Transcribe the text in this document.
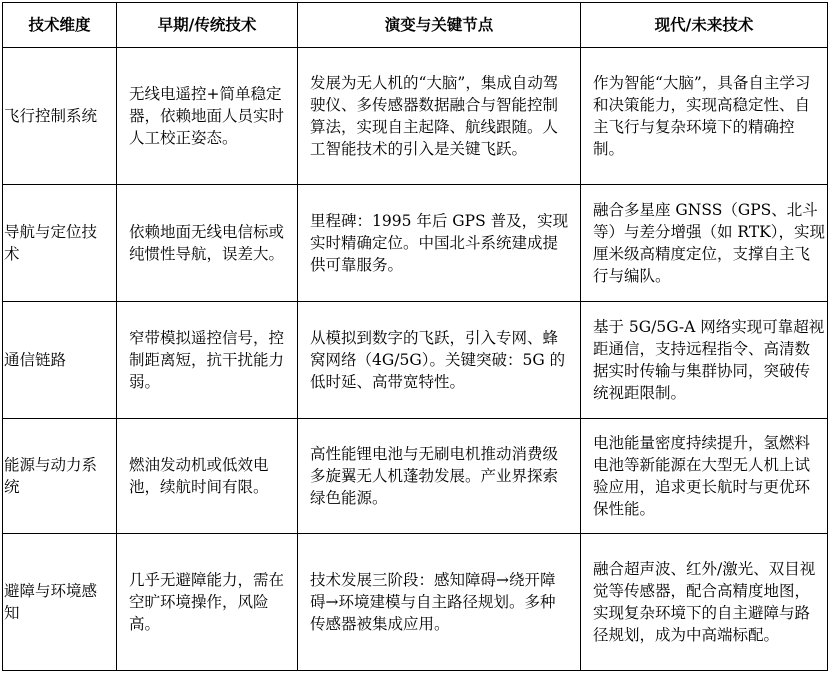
技术维度	早期/传统技术	演变与关键节点	现代/未来技术
飞行控制系统	无线电遥控+简单稳定器，依赖地面人员实时人工校正姿态。	发展为无人机的“大脑”，集成自动驾驶仪、多传感器数据融合与智能控制算法，实现自主起降、航线跟随。人工智能技术的引入是关键飞跃。	作为智能“大脑”，具备自主学习和决策能力，实现高稳定性、自主飞行与复杂环境下的精确控制。
导航与定位技术	依赖地面无线电信标或纯惯性导航，误差大。	里程碑：1995 年后 GPS 普及，实现实时精确定位。中国北斗系统建成提供可靠服务。	融合多星座 GNSS（GPS、北斗等）与差分增强（如 RTK），实现厘米级高精度定位，支撑自主飞行与编队。
通信链路	窄带模拟遥控信号，控制距离短，抗干扰能力弱。	从模拟到数字的飞跃，引入专网、蜂窝网络（4G/5G）。关键突破：5G 的低时延、高带宽特性。	基于 5G/5G-A 网络实现可靠超视距通信，支持远程指令、高清数据实时传输与集群协同，突破传统视距限制。
能源与动力系统	燃油发动机或低效电池，续航时间有限。	高性能锂电池与无刷电机推动消费级多旋翼无人机蓬勃发展。产业界探索绿色能源。	电池能量密度持续提升，氢燃料电池等新能源在大型无人机上试验应用，追求更长航时与更优环保性能。
避障与环境感知	几乎无避障能力，需在空旷环境操作，风险高。	技术发展三阶段：感知障碍→绕开障碍→环境建模与自主路径规划。多种传感器被集成应用。	融合超声波、红外/激光、双目视觉等传感器，配合高精度地图，实现复杂环境下的自主避障与路径规划，成为中高端标配。
